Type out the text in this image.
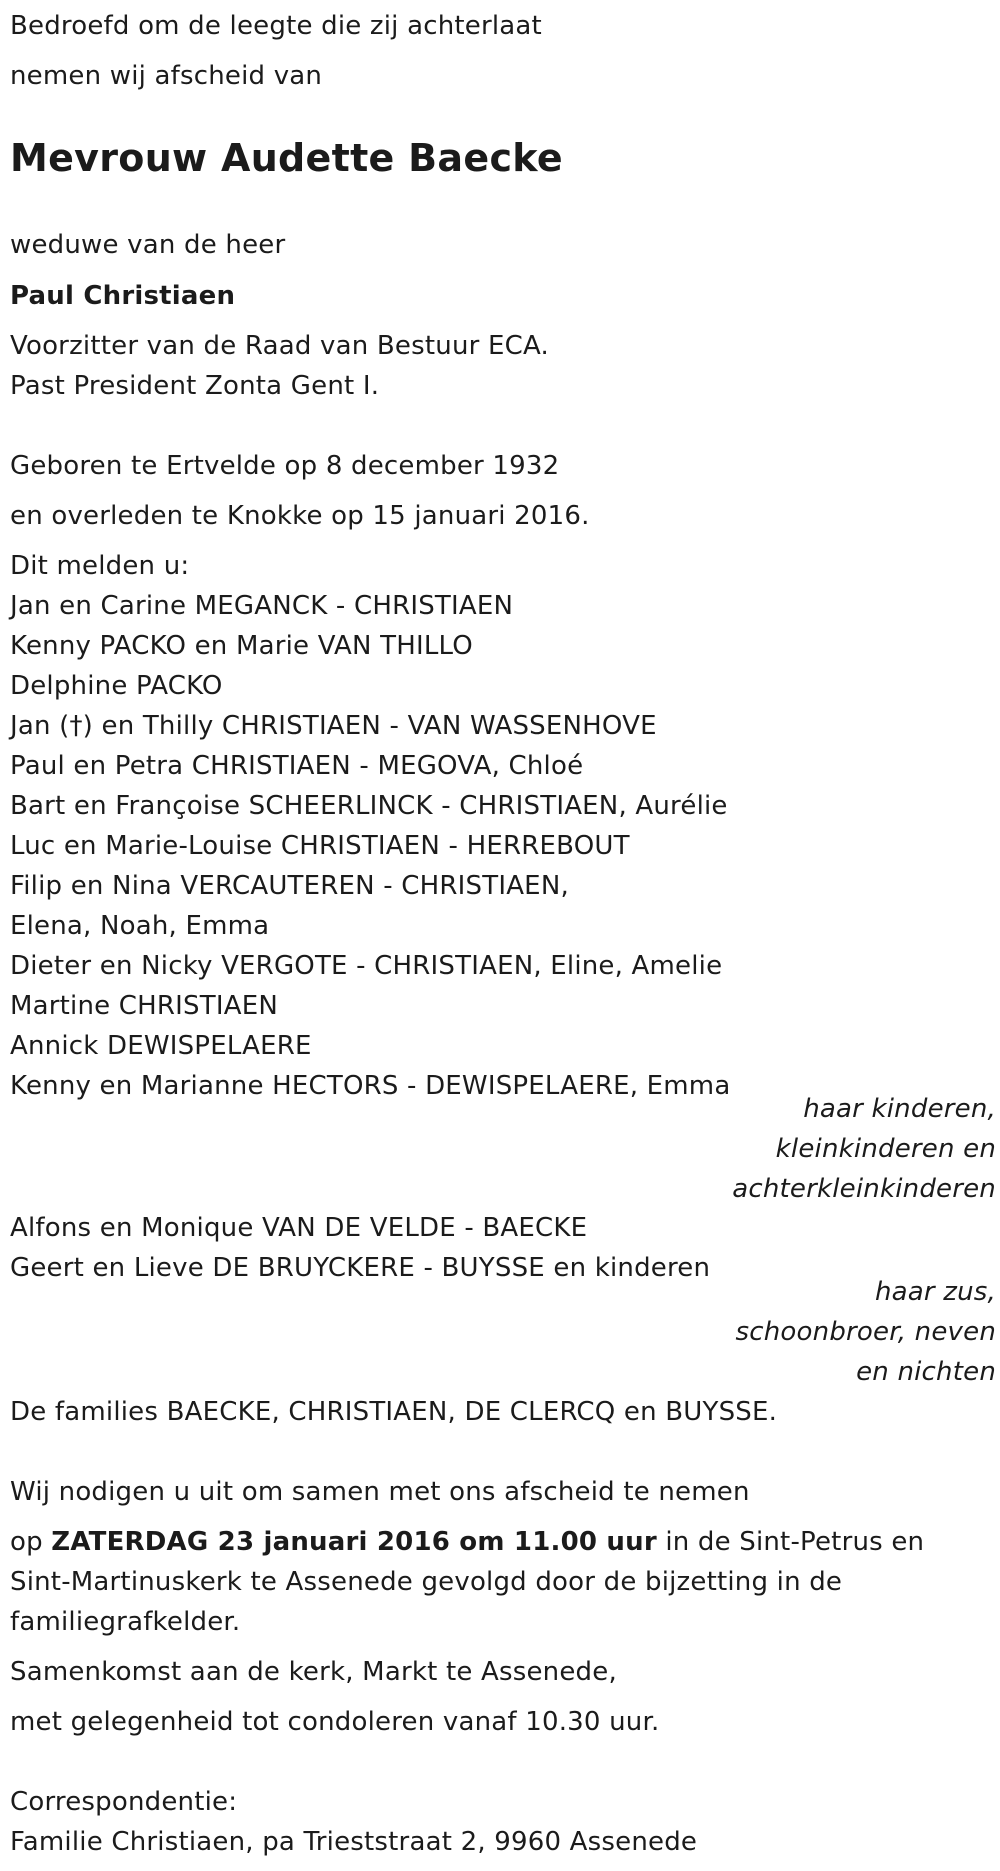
Bedroefd om de leegte die zij achterlaat
nemen wij afscheid van
Mevrouw Audette Baecke
weduwe van de heer
Paul Christiaen
Voorzitter van de Raad van Bestuur ECA.
Past President Zonta Gent I.
Geboren te Ertvelde op 8 december 1932
en overleden te Knokke op 15 januari 2016.
Dit melden u:
Jan en Carine MEGANCK - CHRISTIAEN
Kenny PACKO en Marie VAN THILLO
Delphine PACKO
Jan (†) en Thilly CHRISTIAEN - VAN WASSENHOVE
Paul en Petra CHRISTIAEN - MEGOVA, Chloé
Bart en Françoise SCHEERLINCK - CHRISTIAEN, Aurélie
Luc en Marie-Louise CHRISTIAEN - HERREBOUT
Filip en Nina VERCAUTEREN - CHRISTIAEN,
Elena, Noah, Emma
Dieter en Nicky VERGOTE - CHRISTIAEN, Eline, Amelie
Martine CHRISTIAEN
Annick DEWISPELAERE
Kenny en Marianne HECTORS - DEWISPELAERE, Emma
haar kinderen,
kleinkinderen en
achterkleinkinderen
Alfons en Monique VAN DE VELDE - BAECKE
Geert en Lieve DE BRUYCKERE - BUYSSE en kinderen
haar zus,
schoonbroer, neven
en nichten
De families BAECKE, CHRISTIAEN, DE CLERCQ en BUYSSE.
Wij nodigen u uit om samen met ons afscheid te nemen
op ZATERDAG 23 januari 2016 om 11.00 uur in de Sint-Petrus en
Sint-Martinuskerk te Assenede gevolgd door de bijzetting in de
familiegrafkelder.
Samenkomst aan de kerk, Markt te Assenede,
met gelegenheid tot condoleren vanaf 10.30 uur.
Correspondentie:
Familie Christiaen, pa Trieststraat 2, 9960 Assenede
